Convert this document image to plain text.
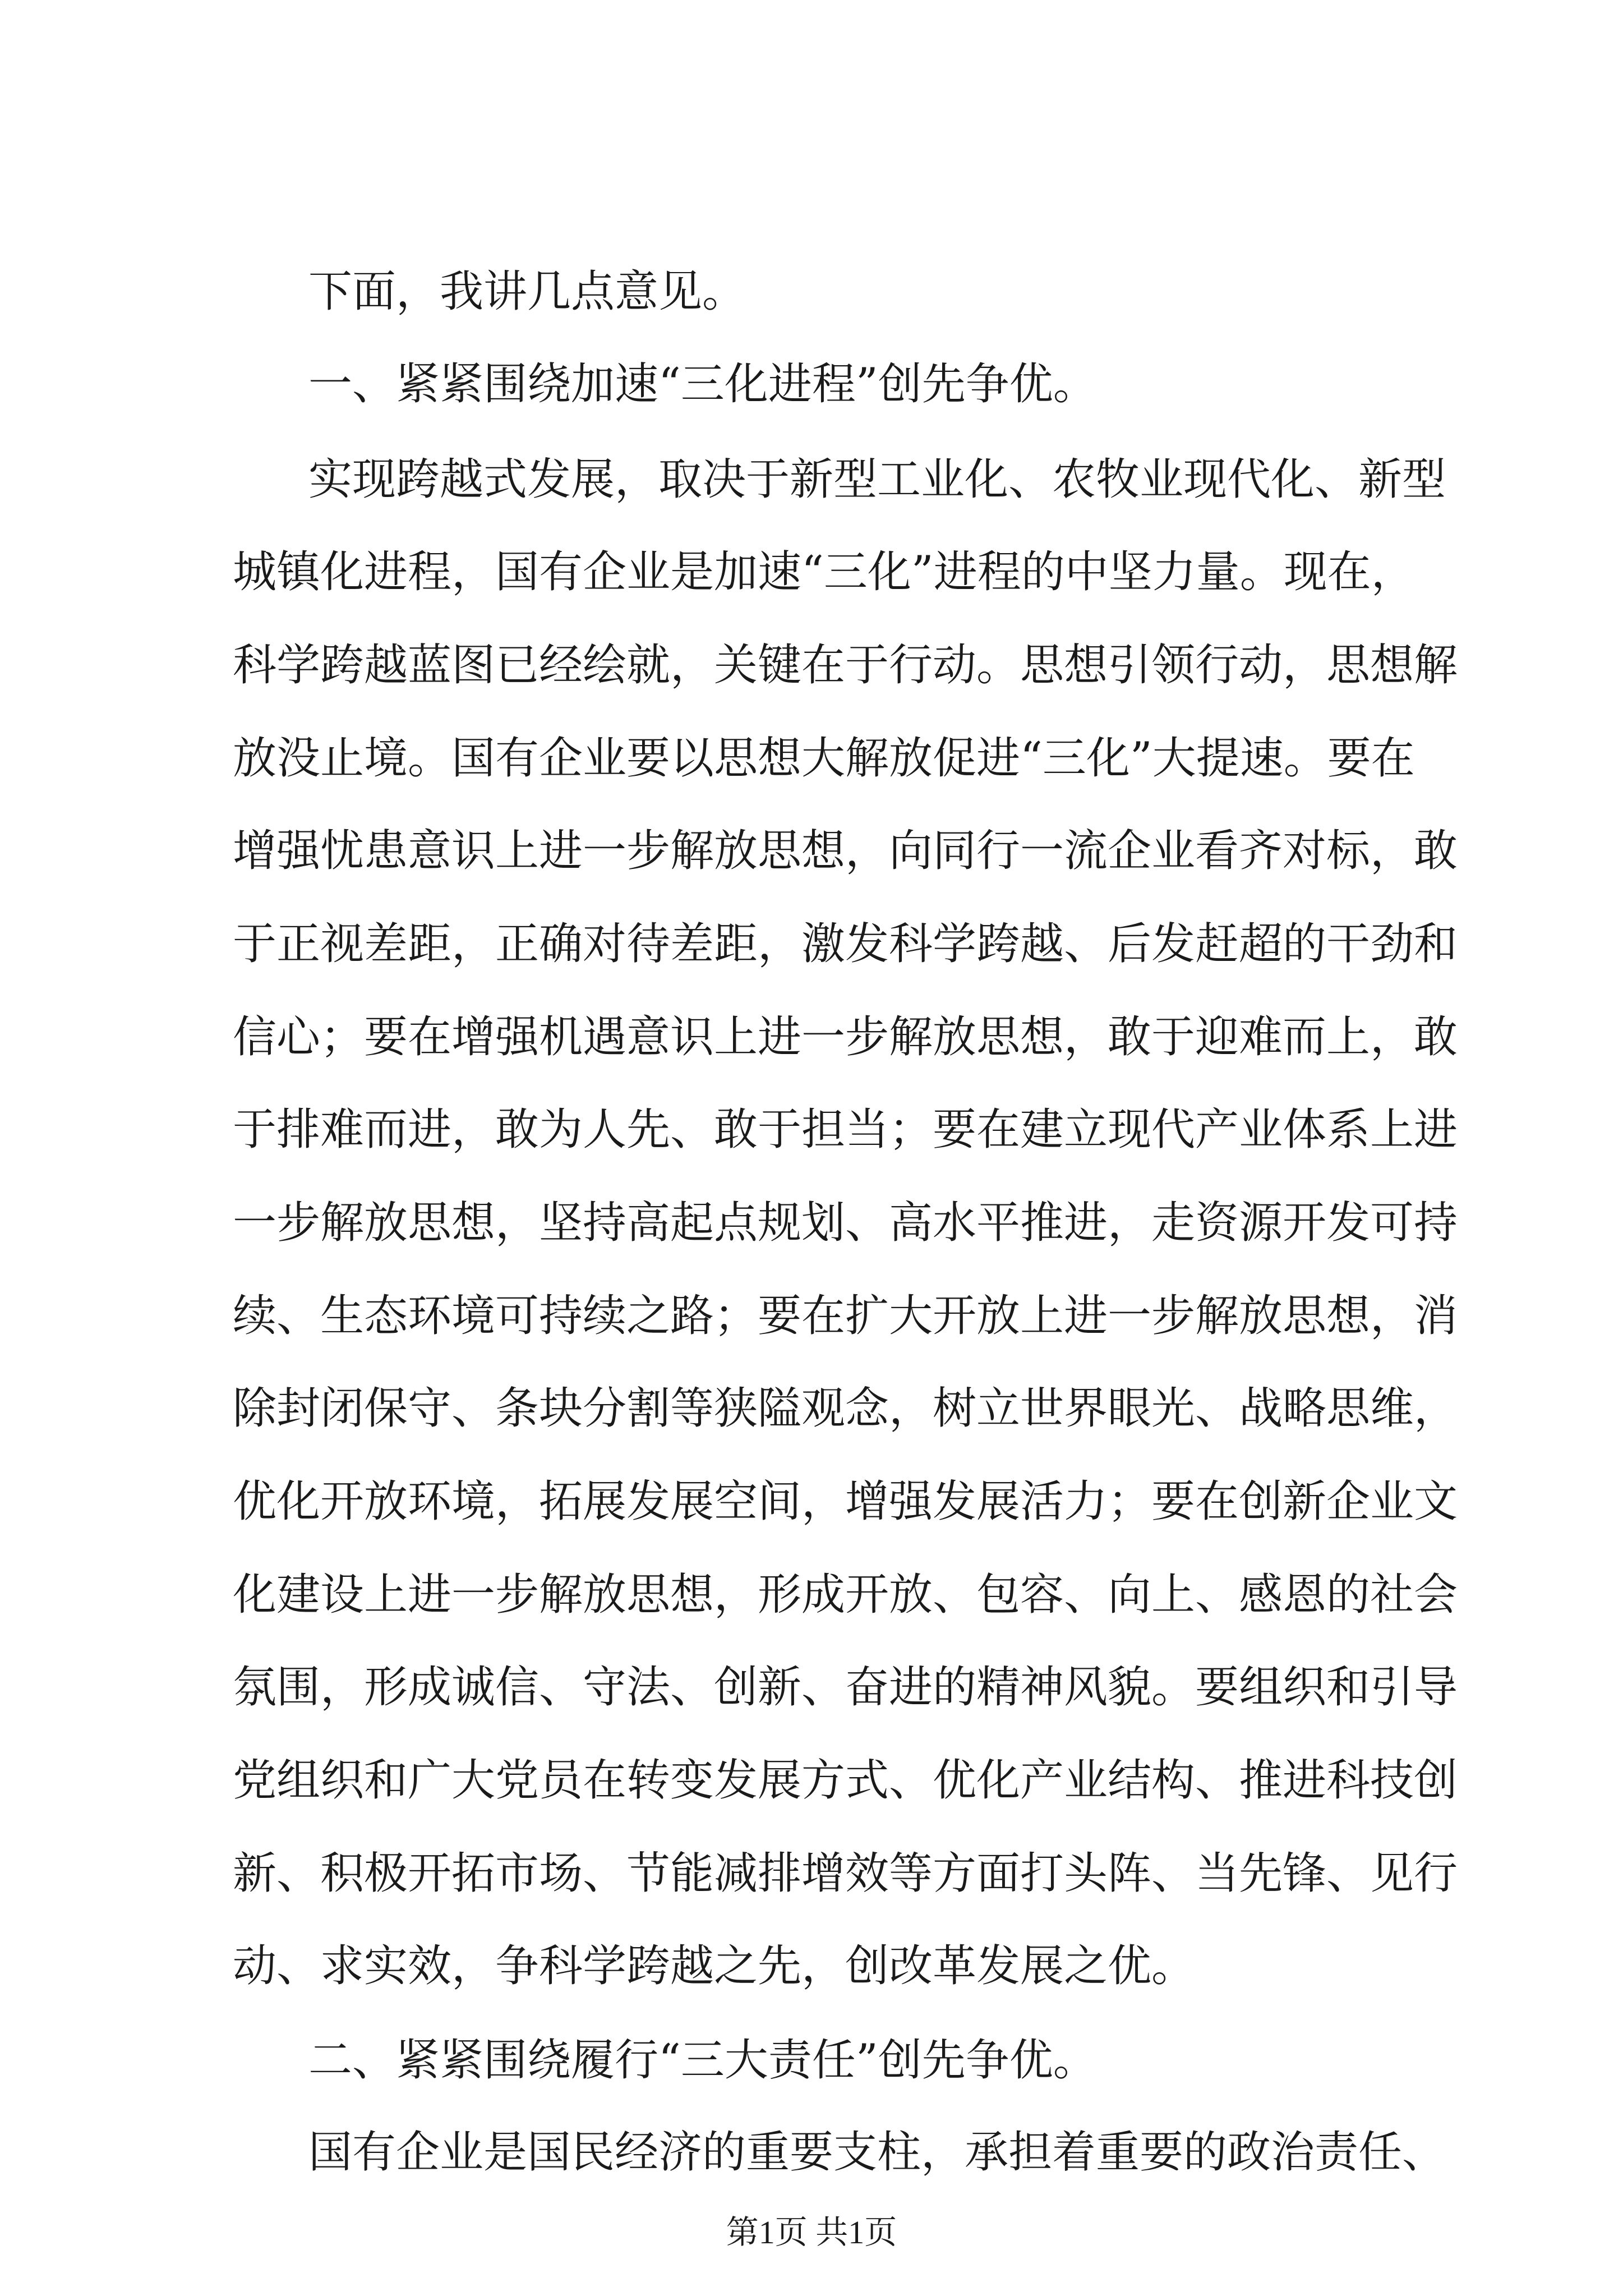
下面，我讲几点意见。
一、紧紧围绕加速“三化进程”创先争优。
实现跨越式发展，取决于新型工业化、农牧业现代化、新型
城镇化进程，国有企业是加速“三化”进程的中坚力量。现在，
科学跨越蓝图已经绘就，关键在于行动。思想引领行动，思想解
放没止境。国有企业要以思想大解放促进“三化”大提速。要在
增强忧患意识上进一步解放思想，向同行一流企业看齐对标，敢
于正视差距，正确对待差距，激发科学跨越、后发赶超的干劲和
信心；要在增强机遇意识上进一步解放思想，敢于迎难而上，敢
于排难而进，敢为人先、敢于担当；要在建立现代产业体系上进
一步解放思想，坚持高起点规划、高水平推进，走资源开发可持
续、生态环境可持续之路；要在扩大开放上进一步解放思想，消
除封闭保守、条块分割等狭隘观念，树立世界眼光、战略思维，
优化开放环境，拓展发展空间，增强发展活力；要在创新企业文
化建设上进一步解放思想，形成开放、包容、向上、感恩的社会
氛围，形成诚信、守法、创新、奋进的精神风貌。要组织和引导
党组织和广大党员在转变发展方式、优化产业结构、推进科技创
新、积极开拓市场、节能减排增效等方面打头阵、当先锋、见行
动、求实效，争科学跨越之先，创改革发展之优。
二、紧紧围绕履行“三大责任”创先争优。
国有企业是国民经济的重要支柱，承担着重要的政治责任、
第1页 共1页
